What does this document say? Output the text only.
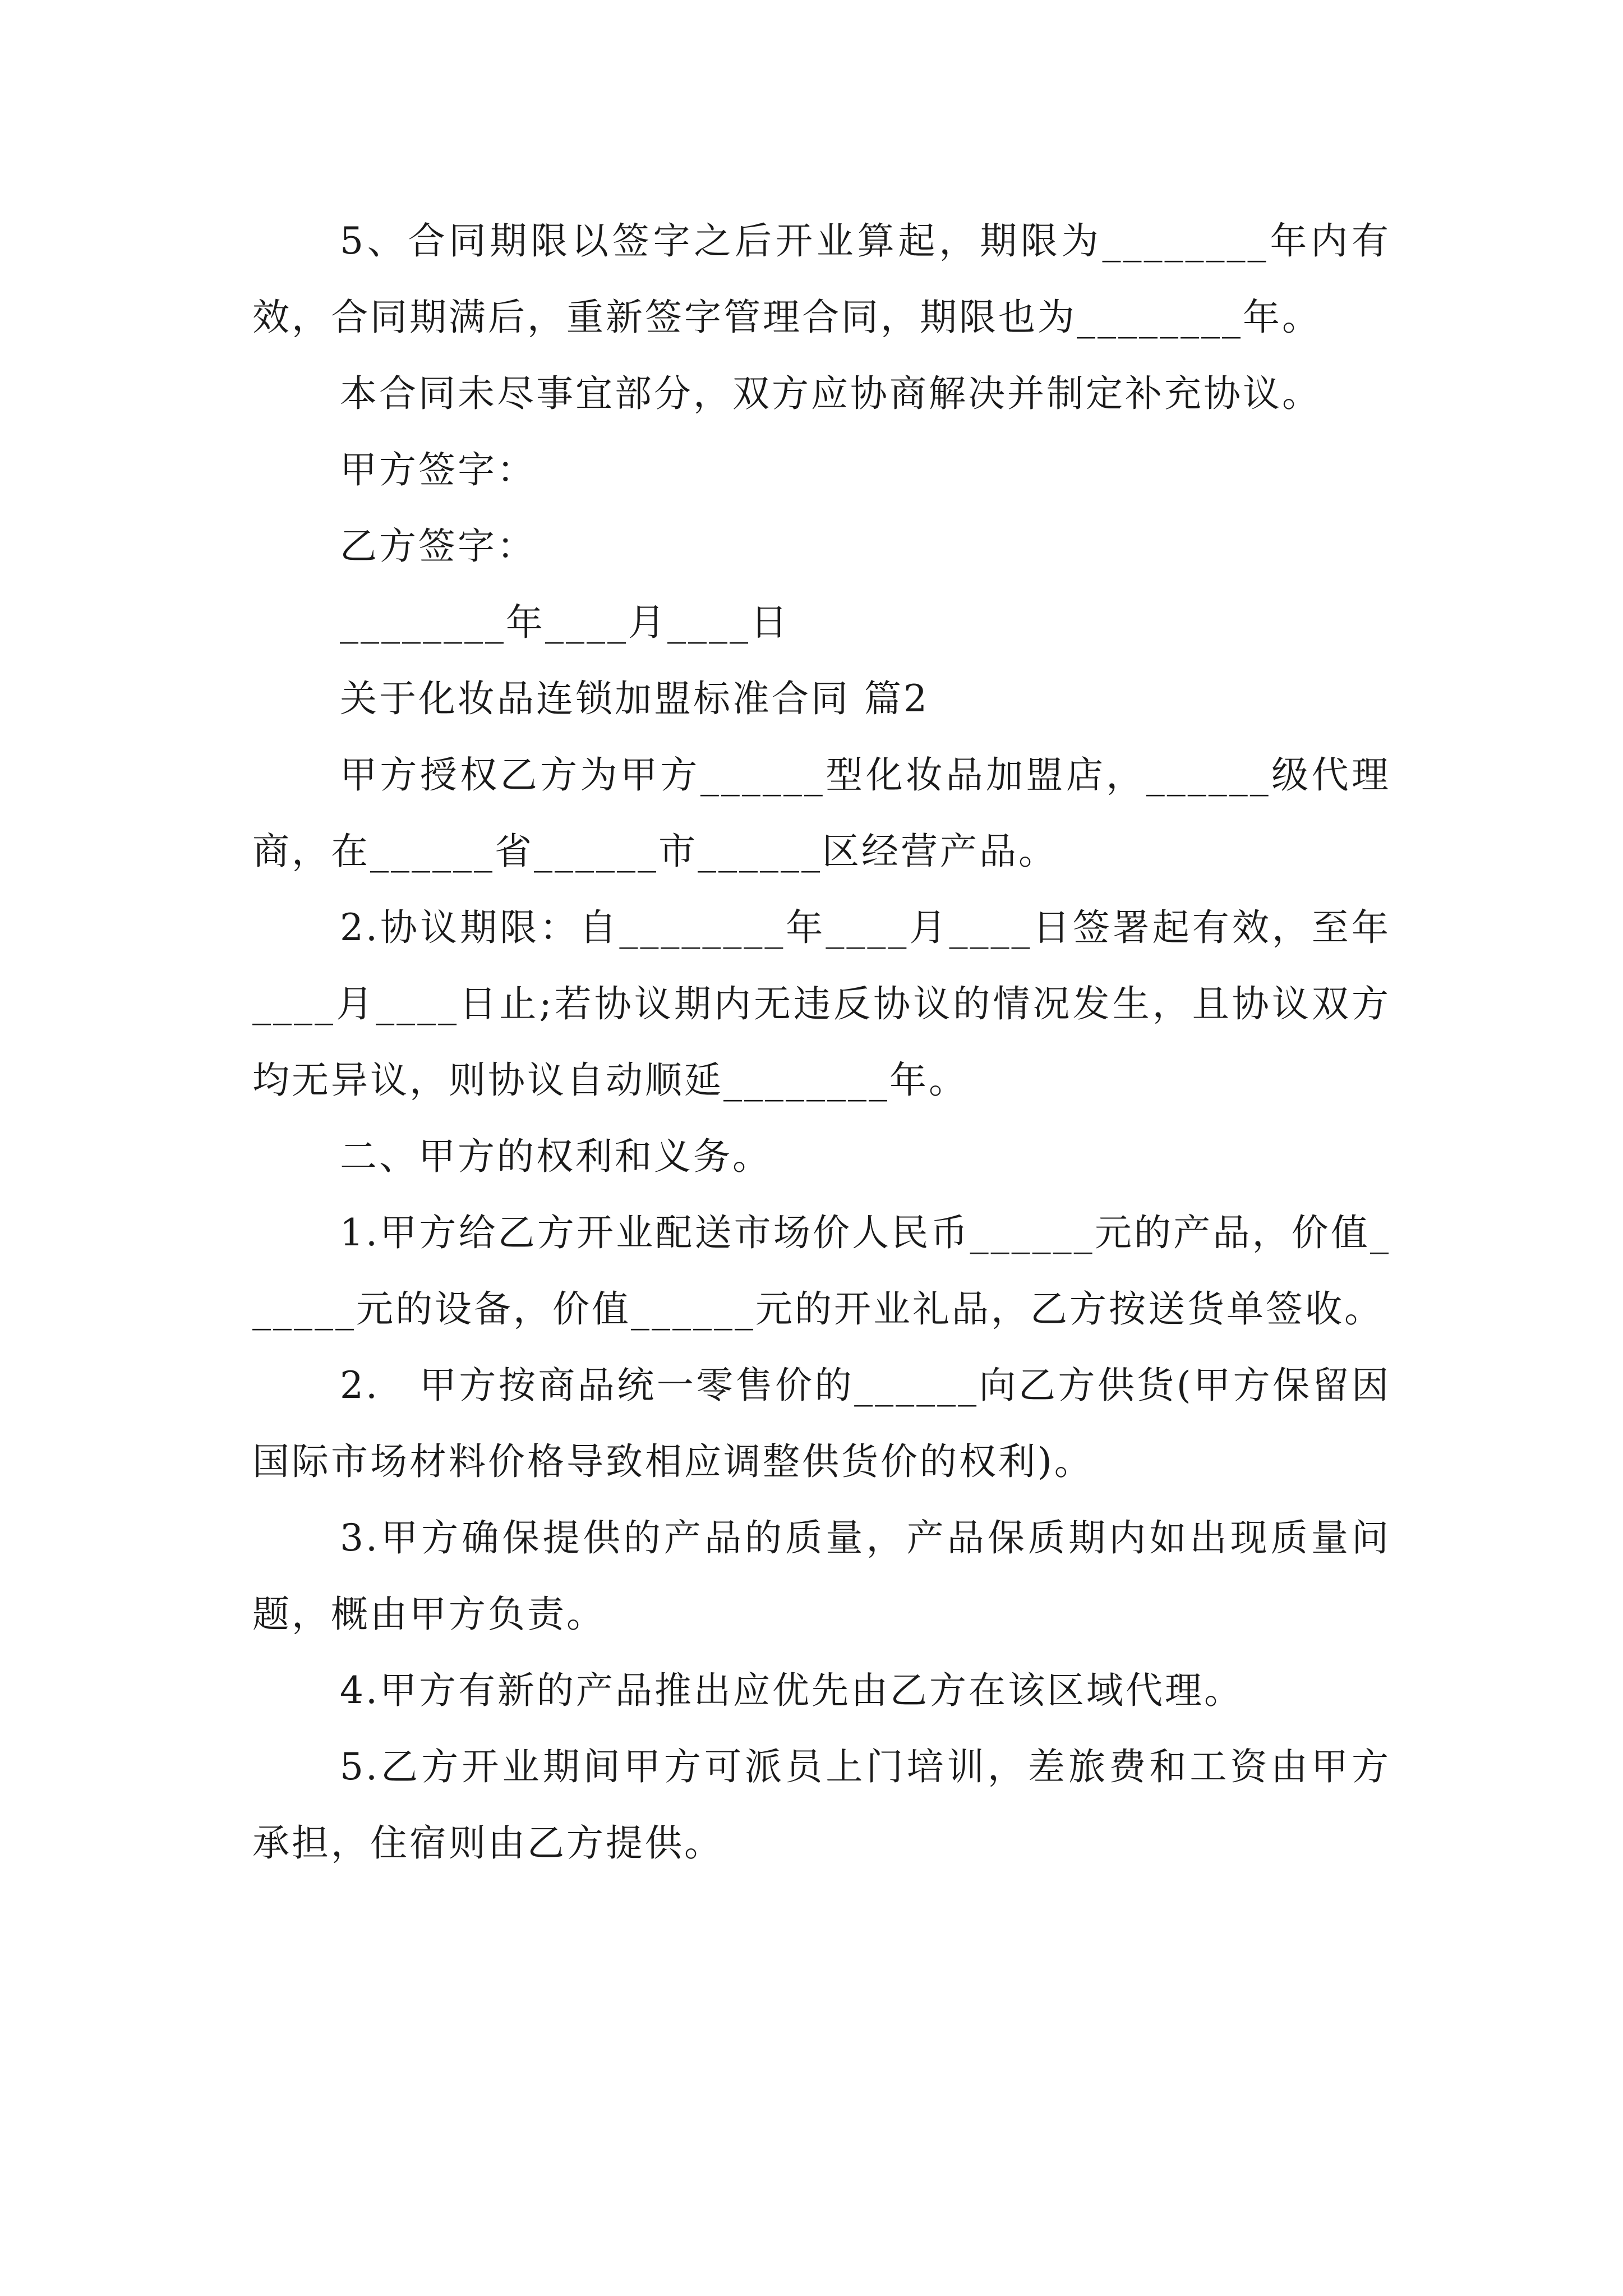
5、合同期限以签字之后开业算起，期限为________年内有效，合同期满后，重新签字管理合同，期限也为________年。

本合同未尽事宜部分，双方应协商解决并制定补充协议。

甲方签字：

乙方签字：

________年____月____日

关于化妆品连锁加盟标准合同 篇2

甲方授权乙方为甲方______型化妆品加盟店，______级代理商，在______省______市______区经营产品。

2.协议期限：自________年____月____日签署起有效，至年____月____日止;若协议期内无违反协议的情况发生，且协议双方均无异议，则协议自动顺延________年。

二、甲方的权利和义务。

1.甲方给乙方开业配送市场价人民币______元的产品，价值______元的设备，价值______元的开业礼品，乙方按送货单签收。

2.　甲方按商品统一零售价的______向乙方供货(甲方保留因国际市场材料价格导致相应调整供货价的权利)。

3.甲方确保提供的产品的质量，产品保质期内如出现质量问题，概由甲方负责。

4.甲方有新的产品推出应优先由乙方在该区域代理。

5.乙方开业期间甲方可派员上门培训，差旅费和工资由甲方承担，住宿则由乙方提供。
